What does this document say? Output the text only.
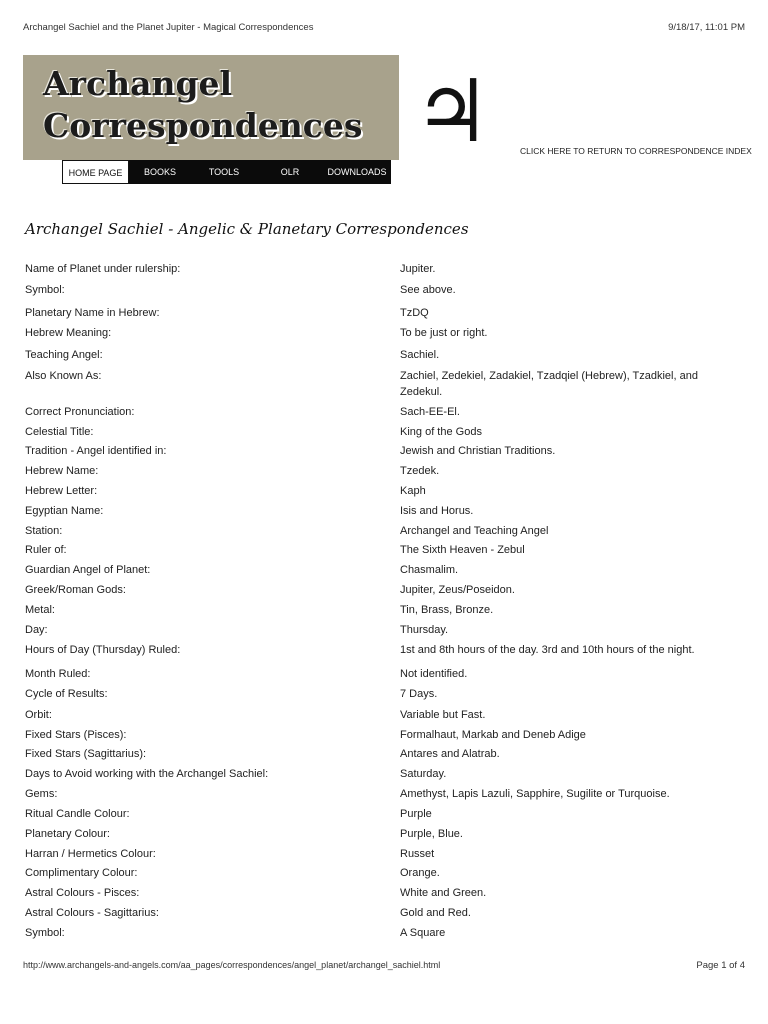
Archangel Sachiel and the Planet Jupiter - Magical Correspondences	9/18/17, 11:01 PM
Archangel
Correspondences ♃	CLICK HERE TO RETURN TO CORRESPONDENCE INDEX
HOME PAGE	BOOKS	TOOLS	OLR	DOWNLOADS
Archangel Sachiel - Angelic & Planetary Correspondences
Name of Planet under rulership:	Jupiter.
Symbol:	See above.
Planetary Name in Hebrew:	TzDQ
Hebrew Meaning:	To be just or right.
Teaching Angel:	Sachiel.
Also Known As:	Zachiel, Zedekiel, Zadakiel, Tzadqiel (Hebrew), Tzadkiel, and Zedekul.
Correct Pronunciation:	Sach-EE-El.
Celestial Title:	King of the Gods
Tradition - Angel identified in:	Jewish and Christian Traditions.
Hebrew Name:	Tzedek.
Hebrew Letter:	Kaph
Egyptian Name:	Isis and Horus.
Station:	Archangel and Teaching Angel
Ruler of:	The Sixth Heaven - Zebul
Guardian Angel of Planet:	Chasmalim.
Greek/Roman Gods:	Jupiter, Zeus/Poseidon.
Metal:	Tin, Brass, Bronze.
Day:	Thursday.
Hours of Day (Thursday) Ruled:	1st and 8th hours of the day. 3rd and 10th hours of the night.
Month Ruled:	Not identified.
Cycle of Results:	7 Days.
Orbit:	Variable but Fast.
Fixed Stars (Pisces):	Formalhaut, Markab and Deneb Adige
Fixed Stars (Sagittarius):	Antares and Alatrab.
Days to Avoid working with the Archangel Sachiel:	Saturday.
Gems:	Amethyst, Lapis Lazuli, Sapphire, Sugilite or Turquoise.
Ritual Candle Colour:	Purple
Planetary Colour:	Purple, Blue.
Harran / Hermetics Colour:	Russet
Complimentary Colour:	Orange.
Astral Colours - Pisces:	White and Green.
Astral Colours - Sagittarius:	Gold and Red.
Symbol:	A Square
http://www.archangels-and-angels.com/aa_pages/correspondences/angel_planet/archangel_sachiel.html	Page 1 of 4
